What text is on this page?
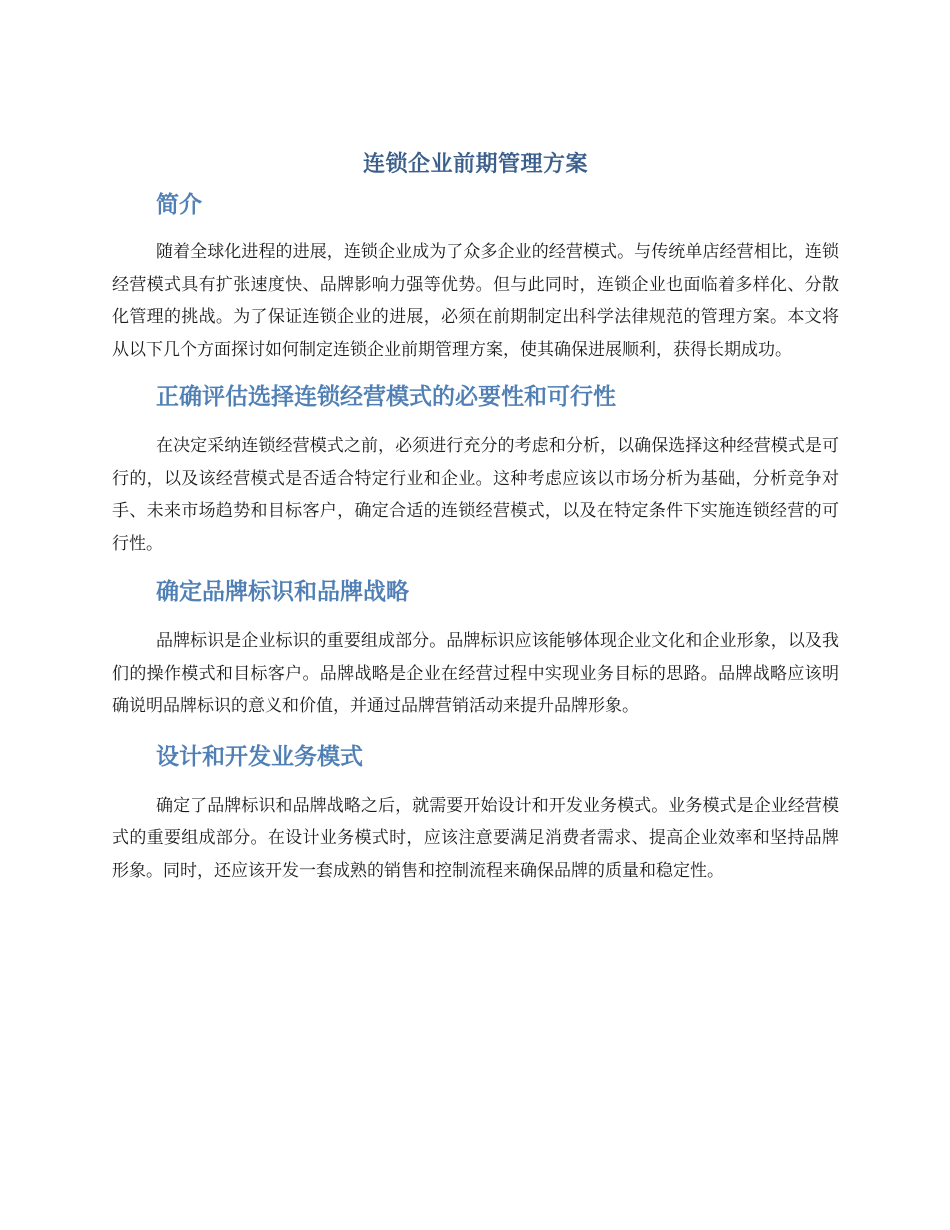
连锁企业前期管理方案
简介

随着全球化进程的进展，连锁企业成为了众多企业的经营模式。与传统单店经营相比，连锁经营模式具有扩张速度快、品牌影响力强等优势。但与此同时，连锁企业也面临着多样化、分散化管理的挑战。为了保证连锁企业的进展，必须在前期制定出科学法律规范的管理方案。本文将从以下几个方面探讨如何制定连锁企业前期管理方案，使其确保进展顺利，获得长期成功。

正确评估选择连锁经营模式的必要性和可行性

在决定采纳连锁经营模式之前，必须进行充分的考虑和分析，以确保选择这种经营模式是可行的，以及该经营模式是否适合特定行业和企业。这种考虑应该以市场分析为基础，分析竞争对手、未来市场趋势和目标客户，确定合适的连锁经营模式，以及在特定条件下实施连锁经营的可行性。

确定品牌标识和品牌战略

品牌标识是企业标识的重要组成部分。品牌标识应该能够体现企业文化和企业形象，以及我们的操作模式和目标客户。品牌战略是企业在经营过程中实现业务目标的思路。品牌战略应该明确说明品牌标识的意义和价值，并通过品牌营销活动来提升品牌形象。

设计和开发业务模式

确定了品牌标识和品牌战略之后，就需要开始设计和开发业务模式。业务模式是企业经营模式的重要组成部分。在设计业务模式时，应该注意要满足消费者需求、提高企业效率和坚持品牌形象。同时，还应该开发一套成熟的销售和控制流程来确保品牌的质量和稳定性。
